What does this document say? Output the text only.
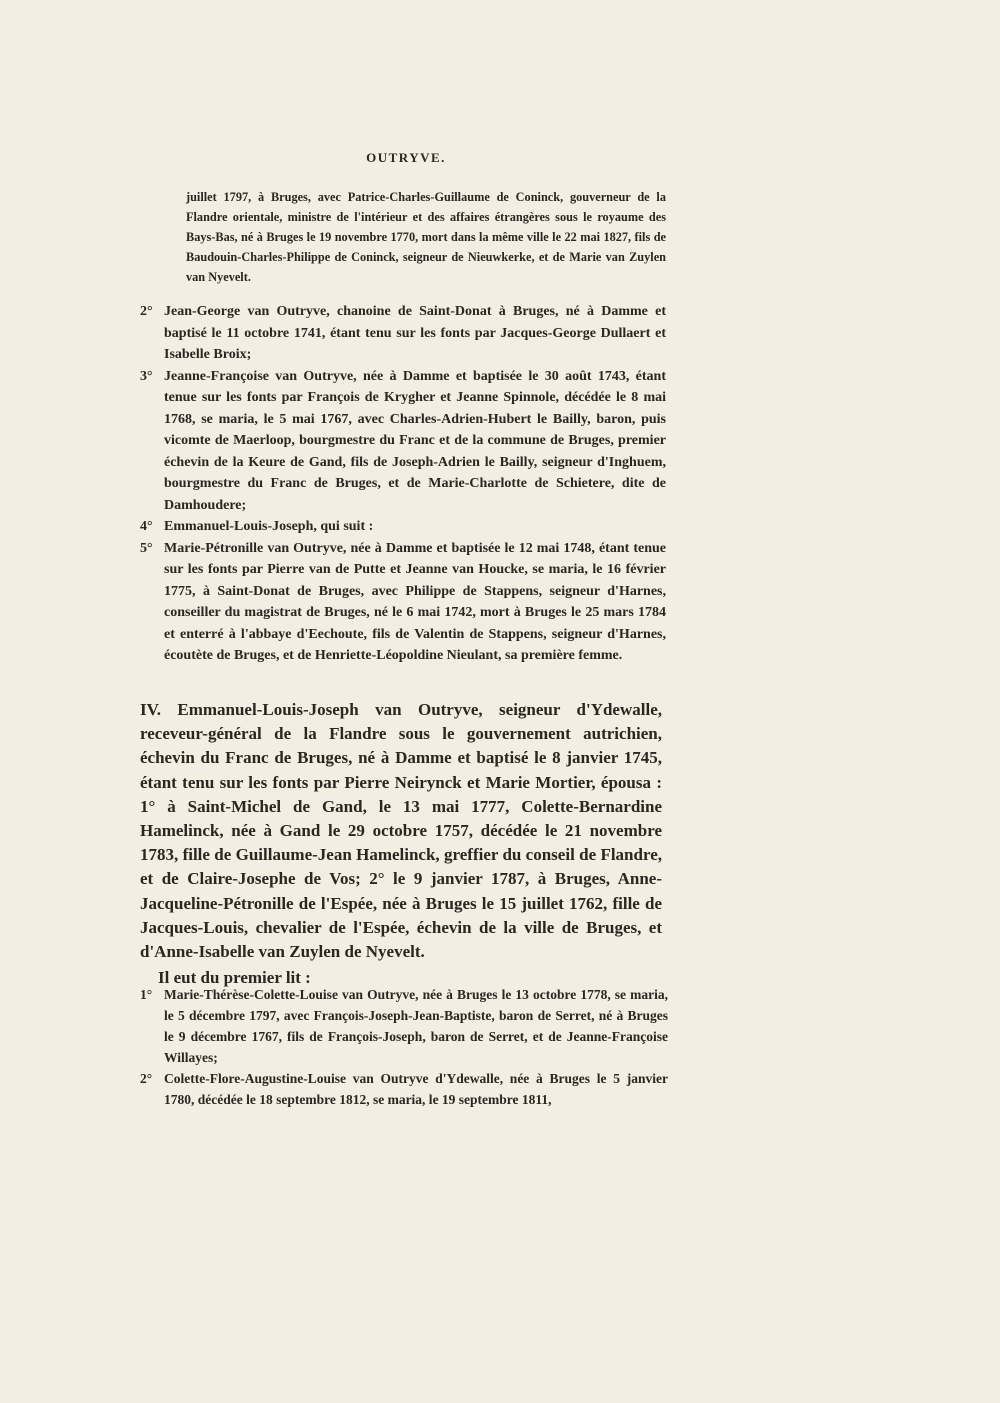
OUTRYVE.
juillet 1797, à Bruges, avec Patrice-Charles-Guillaume de Coninck, gouverneur de la Flandre orientale, ministre de l'intérieur et des affaires étrangères sous le royaume des Bays-Bas, né à Bruges le 19 novembre 1770, mort dans la même ville le 22 mai 1827, fils de Baudouin-Charles-Philippe de Coninck, seigneur de Nieuwkerke, et de Marie van Zuylen van Nyevelt.
2° Jean-George van Outryve, chanoine de Saint-Donat à Bruges, né à Damme et baptisé le 11 octobre 1741, étant tenu sur les fonts par Jacques-George Dullaert et Isabelle Broix;
3° Jeanne-Françoise van Outryve, née à Damme et baptisée le 30 août 1743, étant tenue sur les fonts par François de Krygher et Jeanne Spinnole, décédée le 8 mai 1768, se maria, le 5 mai 1767, avec Charles-Adrien-Hubert le Bailly, baron, puis vicomte de Maerloop, bourgmestre du Franc et de la commune de Bruges, premier échevin de la Keure de Gand, fils de Joseph-Adrien le Bailly, seigneur d'Inghuem, bourgmestre du Franc de Bruges, et de Marie-Charlotte de Schietere, dite de Damhoudere;
4° Emmanuel-Louis-Joseph, qui suit :
5° Marie-Pétronille van Outryve, née à Damme et baptisée le 12 mai 1748, étant tenue sur les fonts par Pierre van de Putte et Jeanne van Houcke, se maria, le 16 février 1775, à Saint-Donat de Bruges, avec Philippe de Stappens, seigneur d'Harnes, conseiller du magistrat de Bruges, né le 6 mai 1742, mort à Bruges le 25 mars 1784 et enterré à l'abbaye d'Eechoute, fils de Valentin de Stappens, seigneur d'Harnes, écoutète de Bruges, et de Henriette-Léopoldine Nieulant, sa première femme.

IV. Emmanuel-Louis-Joseph van Outryve, seigneur d'Ydewalle, receveur-général de la Flandre sous le gouvernement autrichien, échevin du Franc de Bruges, né à Damme et baptisé le 8 janvier 1745, étant tenu sur les fonts par Pierre Neirynck et Marie Mortier, épousa : 1° à Saint-Michel de Gand, le 13 mai 1777, Colette-Bernardine Hamelinck, née à Gand le 29 octobre 1757, décédée le 21 novembre 1783, fille de Guillaume-Jean Hamelinck, greffier du conseil de Flandre, et de Claire-Josephe de Vos; 2° le 9 janvier 1787, à Bruges, Anne-Jacqueline-Pétronille de l'Espée, née à Bruges le 15 juillet 1762, fille de Jacques-Louis, chevalier de l'Espée, échevin de la ville de Bruges, et d'Anne-Isabelle van Zuylen de Nyevelt.

Il eut du premier lit :

1° Marie-Thérèse-Colette-Louise van Outryve, née à Bruges le 13 octobre 1778, se maria, le 5 décembre 1797, avec François-Joseph-Jean-Baptiste, baron de Serret, né à Bruges le 9 décembre 1767, fils de François-Joseph, baron de Serret, et de Jeanne-Françoise Willayes;
2° Colette-Flore-Augustine-Louise van Outryve d'Ydewalle, née à Bruges le 5 janvier 1780, décédée le 18 septembre 1812, se maria, le 19 septembre 1811,
